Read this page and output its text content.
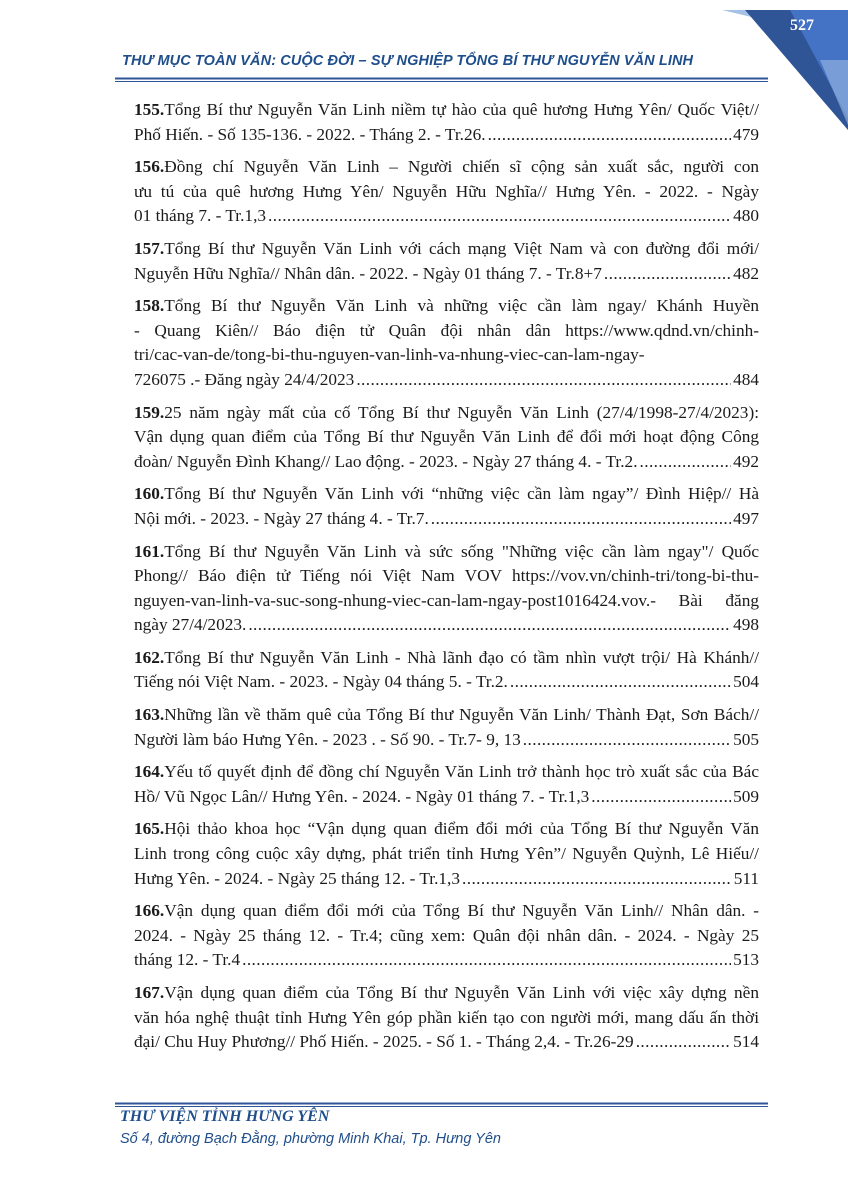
527
THƯ MỤC TOÀN VĂN: CUỘC ĐỜI – SỰ NGHIỆP TỔNG BÍ THƯ NGUYỄN VĂN LINH
155.Tổng Bí thư Nguyễn Văn Linh niềm tự hào của quê hương Hưng Yên/ Quốc Việt//
Phố Hiến. - Số 135-136. - 2022. - Tháng 2. - Tr.26. .....	479
156.Đồng chí Nguyễn Văn Linh – Người chiến sĩ cộng sản xuất sắc, người con
ưu tú của quê hương Hưng Yên/ Nguyễn Hữu Nghĩa// Hưng Yên. - 2022. - Ngày
01 tháng 7. - Tr.1,3 .....	480
157.Tổng Bí thư Nguyễn Văn Linh với cách mạng Việt Nam và con đường đổi mới/
Nguyễn Hữu Nghĩa// Nhân dân. - 2022. - Ngày 01 tháng 7. - Tr.8+7 .....	482
158.Tổng Bí thư Nguyễn Văn Linh và những việc cần làm ngay/ Khánh Huyền
- Quang Kiên// Báo điện tử Quân đội nhân dân https://www.qdnd.vn/chinh-
tri/cac-van-de/tong-bi-thu-nguyen-van-linh-va-nhung-viec-can-lam-ngay-
726075 .- Đăng ngày 24/4/2023 .....	484
159.25 năm ngày mất của cố Tổng Bí thư Nguyễn Văn Linh (27/4/1998-27/4/2023):
Vận dụng quan điểm của Tổng Bí thư Nguyễn Văn Linh để đổi mới hoạt động Công
đoàn/ Nguyễn Đình Khang// Lao động. - 2023. - Ngày 27 tháng 4. - Tr.2. .....	492
160.Tổng Bí thư Nguyễn Văn Linh với “những việc cần làm ngay”/ Đình Hiệp// Hà
Nội mới. - 2023. - Ngày 27 tháng 4. - Tr.7. .....	497
161.Tổng Bí thư Nguyễn Văn Linh và sức sống "Những việc cần làm ngay"/ Quốc
Phong// Báo điện tử Tiếng nói Việt Nam VOV https://vov.vn/chinh-tri/tong-bi-thu-
nguyen-van-linh-va-suc-song-nhung-viec-can-lam-ngay-post1016424.vov.- Bài đăng
ngày 27/4/2023. .....	498
162.Tổng Bí thư Nguyễn Văn Linh - Nhà lãnh đạo có tầm nhìn vượt trội/ Hà Khánh//
Tiếng nói Việt Nam. - 2023. - Ngày 04 tháng 5. - Tr.2. .....	504
163.Những lần về thăm quê của Tổng Bí thư Nguyễn Văn Linh/ Thành Đạt, Sơn Bách//
Người làm báo Hưng Yên. - 2023 . - Số 90. - Tr.7- 9, 13 .....	505
164.Yếu tố quyết định để đồng chí Nguyễn Văn Linh trở thành học trò xuất sắc của Bác
Hồ/ Vũ Ngọc Lân// Hưng Yên. - 2024. - Ngày 01 tháng 7. - Tr.1,3 .....	509
165.Hội thảo khoa học “Vận dụng quan điểm đổi mới của Tổng Bí thư Nguyễn Văn
Linh trong công cuộc xây dựng, phát triển tỉnh Hưng Yên”/ Nguyễn Quỳnh, Lê Hiếu//
Hưng Yên. - 2024. - Ngày 25 tháng 12. - Tr.1,3 .....	511
166.Vận dụng quan điểm đổi mới của Tổng Bí thư Nguyễn Văn Linh// Nhân dân. -
2024. - Ngày 25 tháng 12. - Tr.4; cũng xem: Quân đội nhân dân. - 2024. - Ngày 25
tháng 12. - Tr.4 .....	513
167.Vận dụng quan điểm của Tổng Bí thư Nguyễn Văn Linh với việc xây dựng nền
văn hóa nghệ thuật tỉnh Hưng Yên góp phần kiến tạo con người mới, mang dấu ấn thời
đại/ Chu Huy Phương// Phố Hiến. - 2025. - Số 1. - Tháng 2,4. - Tr.26-29 .....	514
THƯ VIỆN TỈNH HƯNG YÊN
Số 4, đường Bạch Đằng, phường Minh Khai, Tp. Hưng Yên
